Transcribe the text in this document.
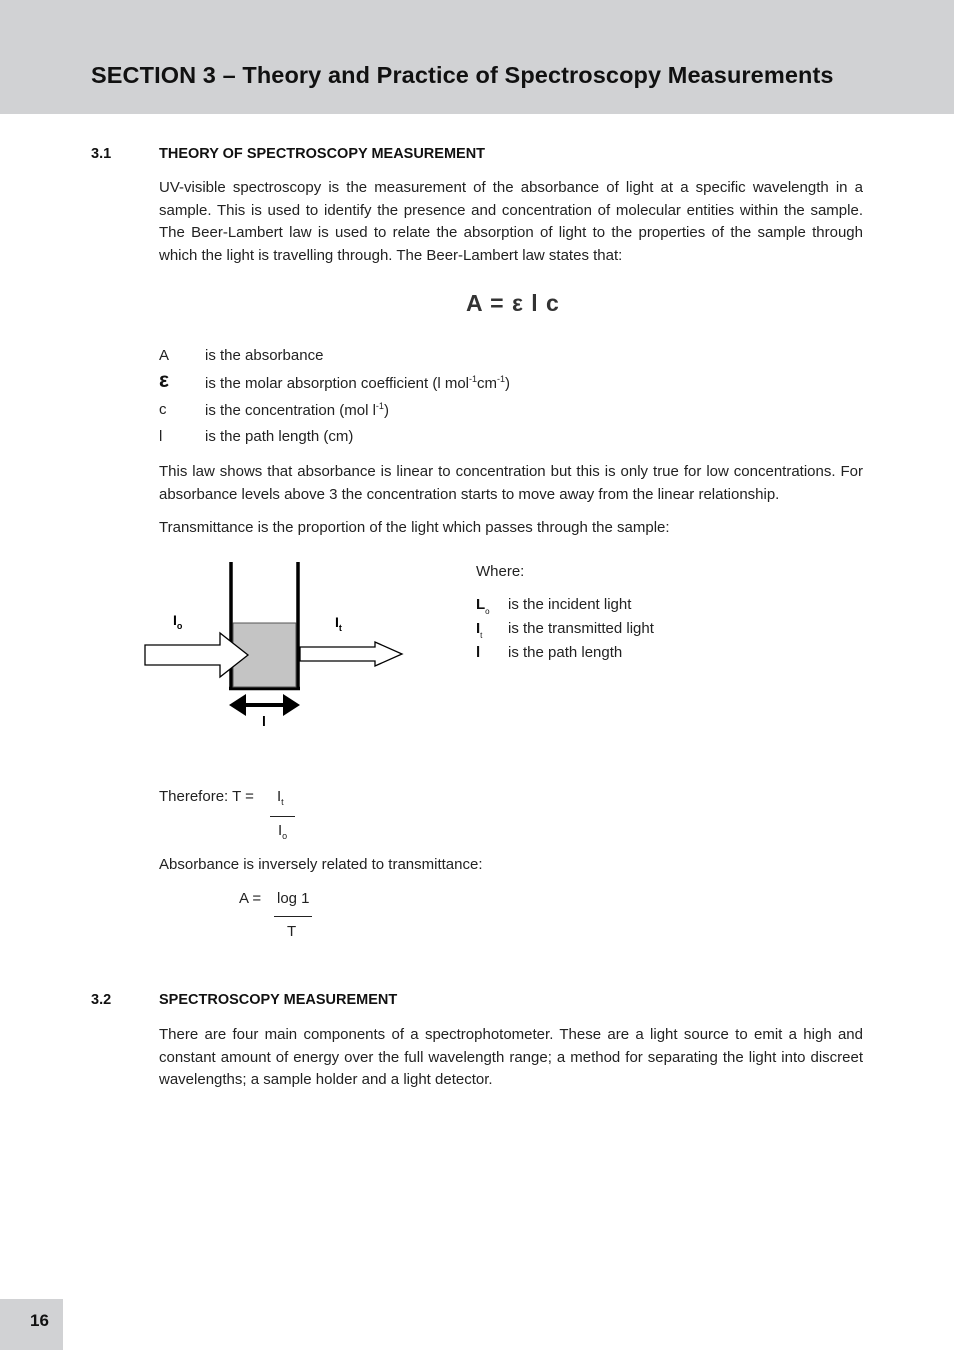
SECTION 3 – Theory and Practice of Spectroscopy Measurements
3.1	THEORY OF SPECTROSCOPY MEASUREMENT
UV-visible spectroscopy is the measurement of the absorbance of light at a specific wavelength in a sample. This is used to identify the presence and concentration of molecular entities within the sample. The Beer-Lambert law is used to relate the absorption of light to the properties of the sample through which the light is travelling through. The Beer-Lambert law states that:
A = ε l c
A is the absorbance
ε is the molar absorption coefficient (l $mol^{-1}cm^{-1}$)
c	is the concentration (mol $l^{-1}$)
l	is the path length (cm)
This law shows that absorbance is linear to concentration but this is only true for low concentrations. For absorbance levels above 3 the concentration starts to move away from the linear relationship.
Transmittance is the proportion of the light which passes through the sample:
$I_o$	$I_t$
l
Where:
$L_o$ is the incident light
$I_t$ is the transmitted light
l is the path length
Therefore: $T = I_t$
$I_o$
Absorbance is inversely related to transmittance:
A = log 1
T
3.2	SPECTROSCOPY MEASUREMENT
There are four main components of a spectrophotometer. These are a light source to emit a high and constant amount of energy over the full wavelength range; a method for separating the light into discreet wavelengths; a sample holder and a light detector.
16
